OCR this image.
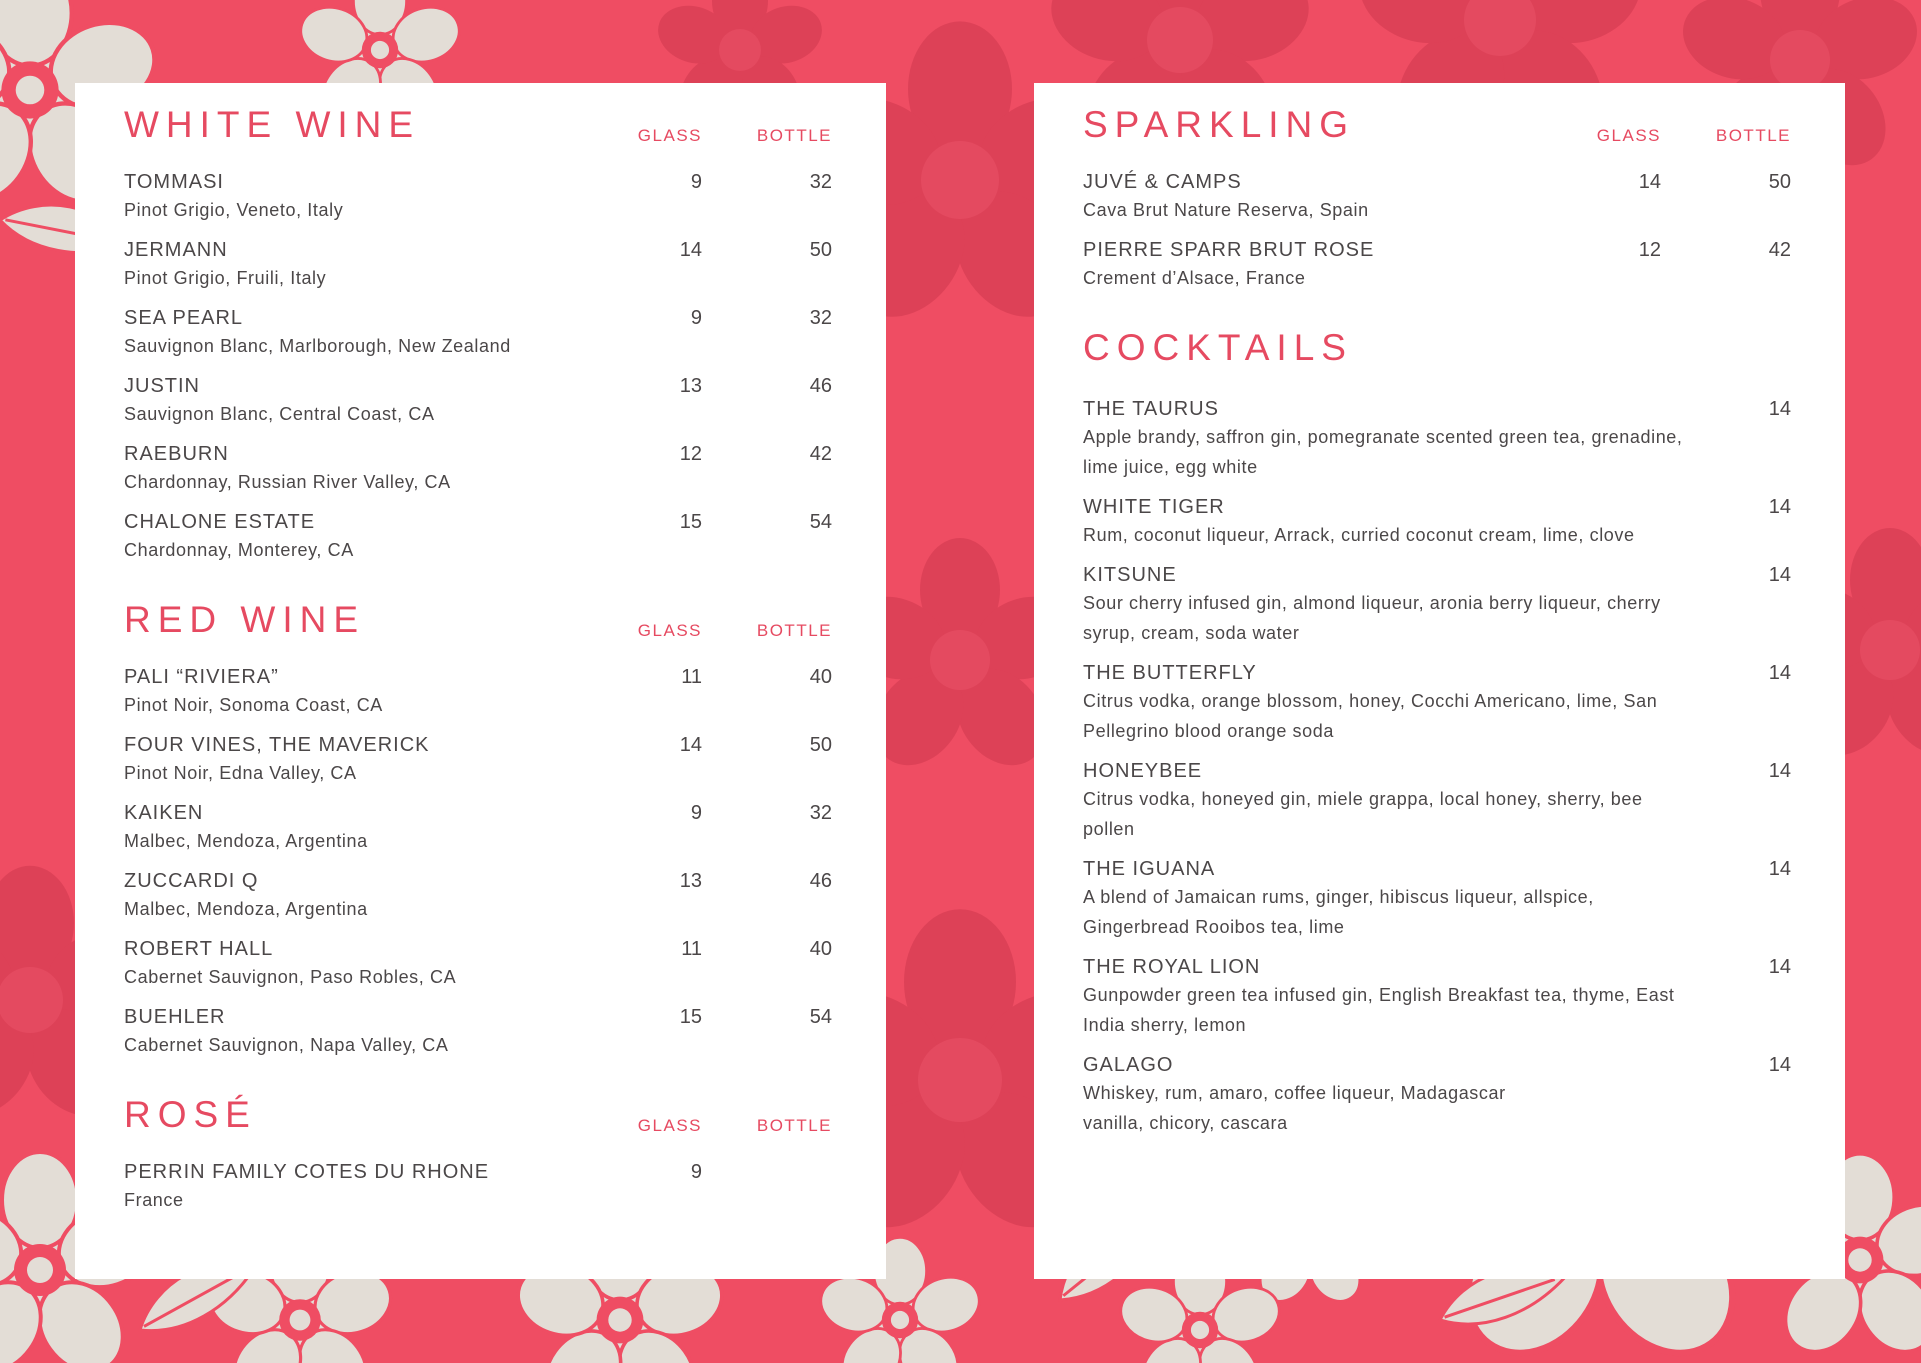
WHITE WINE	GLASS	BOTTLE
TOMMASI
Pinot Grigio, Veneto, Italy
9	32
JERMANN
Pinot Grigio, Fruili, Italy
14	50
SEA PEARL
Sauvignon Blanc, Marlborough, New Zealand
9	32
JUSTIN
Sauvignon Blanc, Central Coast, CA
13	46
RAEBURN
Chardonnay, Russian River Valley, CA
12	42
CHALONE ESTATE
Chardonnay, Monterey, CA
15	54
RED WINE	GLASS	BOTTLE
PALI “RIVIERA”
Pinot Noir, Sonoma Coast, CA
11	40
FOUR VINES, THE MAVERICK
Pinot Noir, Edna Valley, CA
14	50
KAIKEN
Malbec, Mendoza, Argentina
9	32
ZUCCARDI Q
Malbec, Mendoza, Argentina
13	46
ROBERT HALL
Cabernet Sauvignon, Paso Robles, CA
11	40
BUEHLER
Cabernet Sauvignon, Napa Valley, CA
15	54
ROSÉ	GLASS	BOTTLE
PERRIN FAMILY COTES DU RHONE
France
9
SPARKLING	GLASS	BOTTLE
JUVÉ & CAMPS
Cava Brut Nature Reserva, Spain
14	50
PIERRE SPARR BRUT ROSE
Crement d’Alsace, France
12	42
COCKTAILS
THE TAURUS
Apple brandy, saffron gin, pomegranate scented green tea, grenadine, lime juice, egg white
14
WHITE TIGER
Rum, coconut liqueur, Arrack, curried coconut cream, lime, clove
14
KITSUNE
Sour cherry infused gin, almond liqueur, aronia berry liqueur, cherry syrup, cream, soda water
14
THE BUTTERFLY
Citrus vodka, orange blossom, honey, Cocchi Americano, lime, San Pellegrino blood orange soda
14
HONEYBEE
Citrus vodka, honeyed gin, miele grappa, local honey, sherry, bee pollen
14
THE IGUANA
A blend of Jamaican rums, ginger, hibiscus liqueur, allspice, Gingerbread Rooibos tea, lime
14
THE ROYAL LION
Gunpowder green tea infused gin, English Breakfast tea, thyme, East India sherry, lemon
14
GALAGO
Whiskey, rum, amaro, coffee liqueur, Madagascar vanilla, chicory, cascara
14
